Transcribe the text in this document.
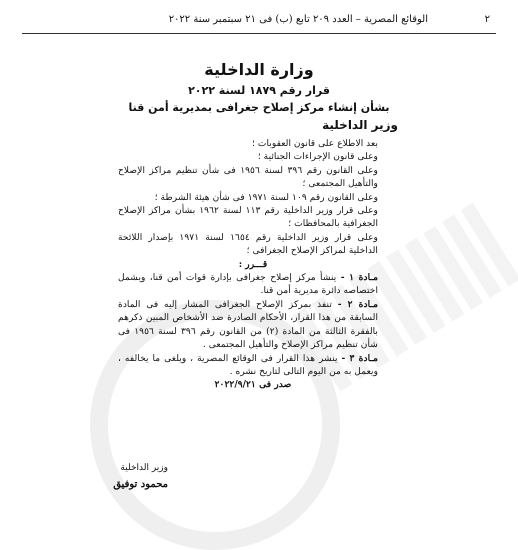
٢
الوقائع المصرية – العدد ٢٠٩ تابع (ب) فى ٢١ سبتمبر سنة ٢٠٢٢
وزارة الداخلية
قرار رقم ١٨٧٩ لسنة ٢٠٢٢
بشأن إنشاء مركز إصلاح جغرافى بمديرية أمن قنا
وزير الداخلية

بعد الاطلاع على قانون العقوبات ؛

وعلى قانون الإجراءات الجنائية ؛

وعلى القانون رقم ٣٩٦ لسنة ١٩٥٦ فى شأن تنظيم مراكز الإصلاح والتأهيل المجتمعى ؛

وعلى القانون رقم ١٠٩ لسنة ١٩٧١ فى شأن هيئة الشرطة ؛

وعلى قرار وزير الداخلية رقم ١١٣ لسنة ١٩٦٢ بشأن مراكز الإصلاح الجغرافية بالمحافظات ؛

وعلى قرار وزير الداخلية رقم ١٦٥٤ لسنة ١٩٧١ بإصدار اللائحة الداخلية لمراكز الإصلاح الجغرافى ؛

قـــرر :

مـادة ١ - ينشأ مركز إصلاح جغرافى بإدارة قوات أمن قنا، ويشمل اختصاصه دائرة مديرية أمن قنا.

مـادة ٢ - تنفذ بمركز الإصلاح الجغرافى المشار إليه فى المادة السابقة من هذا القرار، الأحكام الصادرة ضد الأشخاص المبين ذكرهم بالفقرة الثالثة من المادة (٢) من القانون رقم ٣٩٦ لسنة ١٩٥٦ فى شأن تنظيم مراكز الإصلاح والتأهيل المجتمعى .

مـادة ٣ - ينشر هذا القرار فى الوقائع المصرية ، ويلغى ما يخالفه ، ويعمل به من اليوم التالى لتاريخ نشره .

صدر فى ٢٠٢٢/٩/٢١

وزير الداخلية
محمود توفيق
